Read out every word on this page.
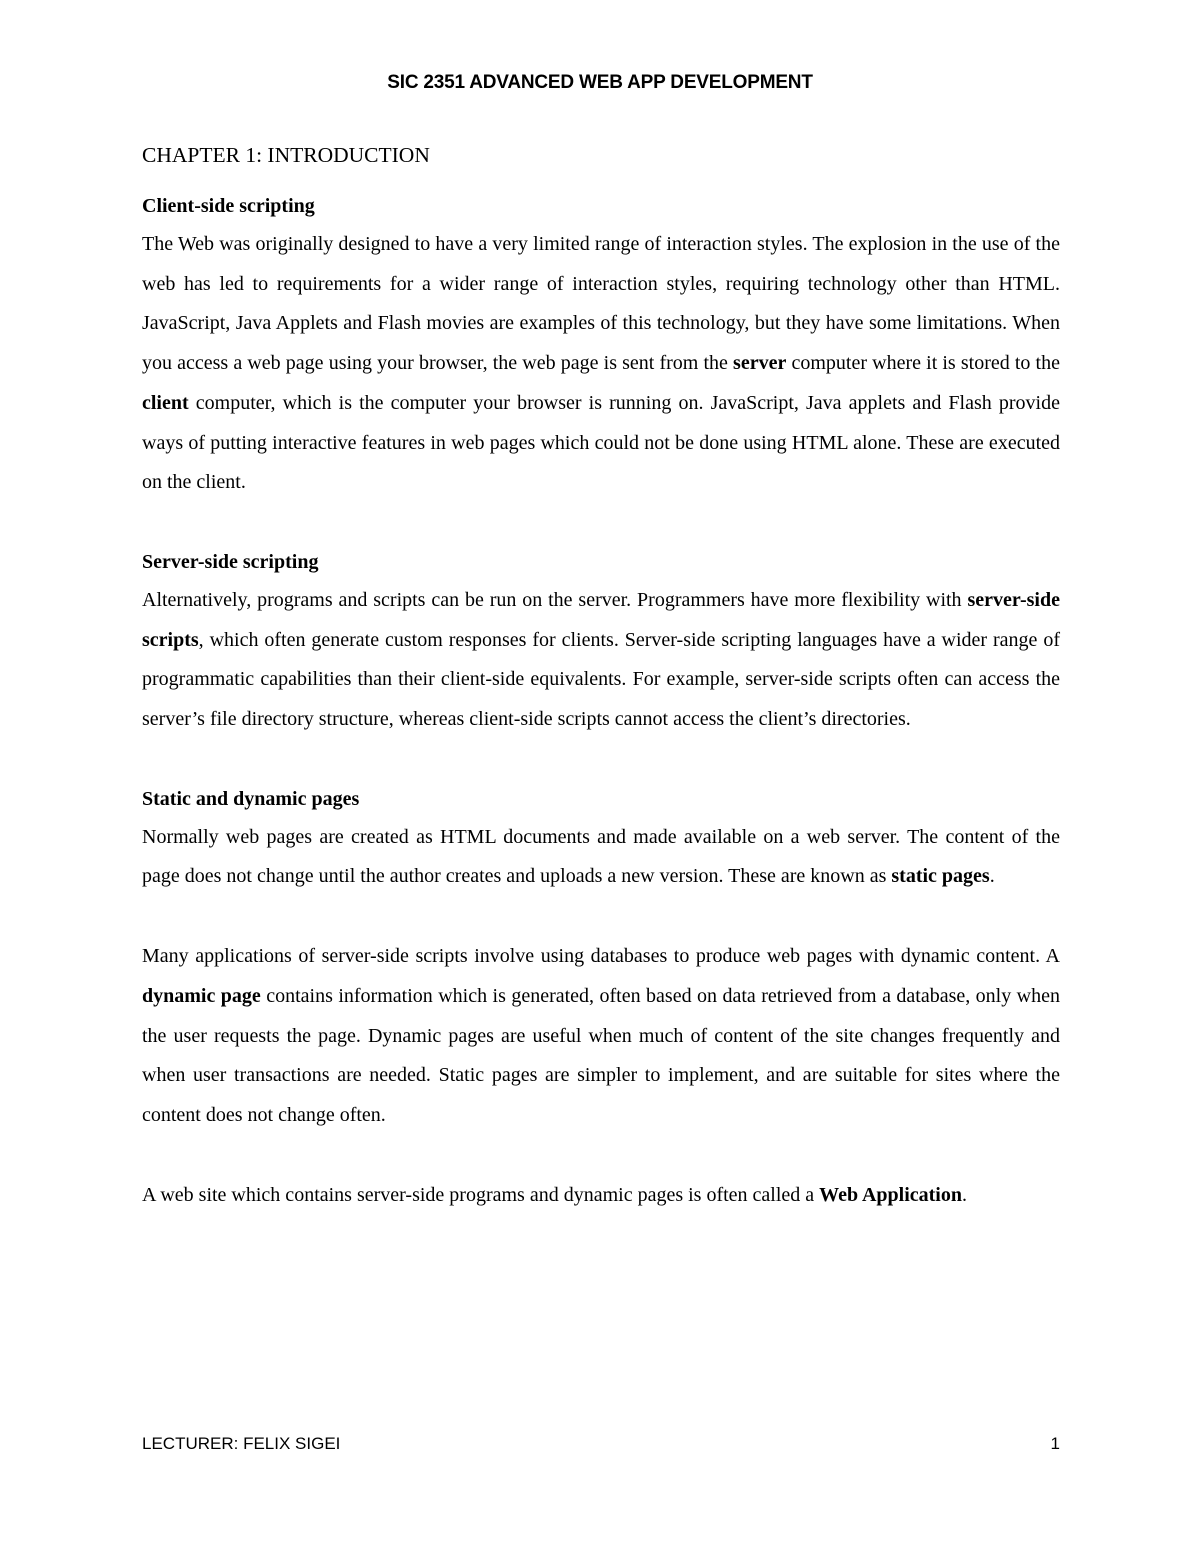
SIC 2351 ADVANCED WEB APP DEVELOPMENT
CHAPTER 1: INTRODUCTION
Client-side scripting

The Web was originally designed to have a very limited range of interaction styles. The explosion in the use of the web has led to requirements for a wider range of interaction styles, requiring technology other than HTML. JavaScript, Java Applets and Flash movies are examples of this technology, but they have some limitations. When you access a web page using your browser, the web page is sent from the server computer where it is stored to the client computer, which is the computer your browser is running on. JavaScript, Java applets and Flash provide ways of putting interactive features in web pages which could not be done using HTML alone. These are executed on the client.

Server-side scripting

Alternatively, programs and scripts can be run on the server. Programmers have more flexibility with server-side scripts, which often generate custom responses for clients. Server-side scripting languages have a wider range of programmatic capabilities than their client-side equivalents. For example, server-side scripts often can access the server’s file directory structure, whereas client-side scripts cannot access the client’s directories.

Static and dynamic pages

Normally web pages are created as HTML documents and made available on a web server. The content of the page does not change until the author creates and uploads a new version. These are known as static pages.

Many applications of server-side scripts involve using databases to produce web pages with dynamic content. A dynamic page contains information which is generated, often based on data retrieved from a database, only when the user requests the page. Dynamic pages are useful when much of content of the site changes frequently and when user transactions are needed. Static pages are simpler to implement, and are suitable for sites where the content does not change often.

A web site which contains server-side programs and dynamic pages is often called a Web Application.

LECTURER: FELIX SIGEI	1
